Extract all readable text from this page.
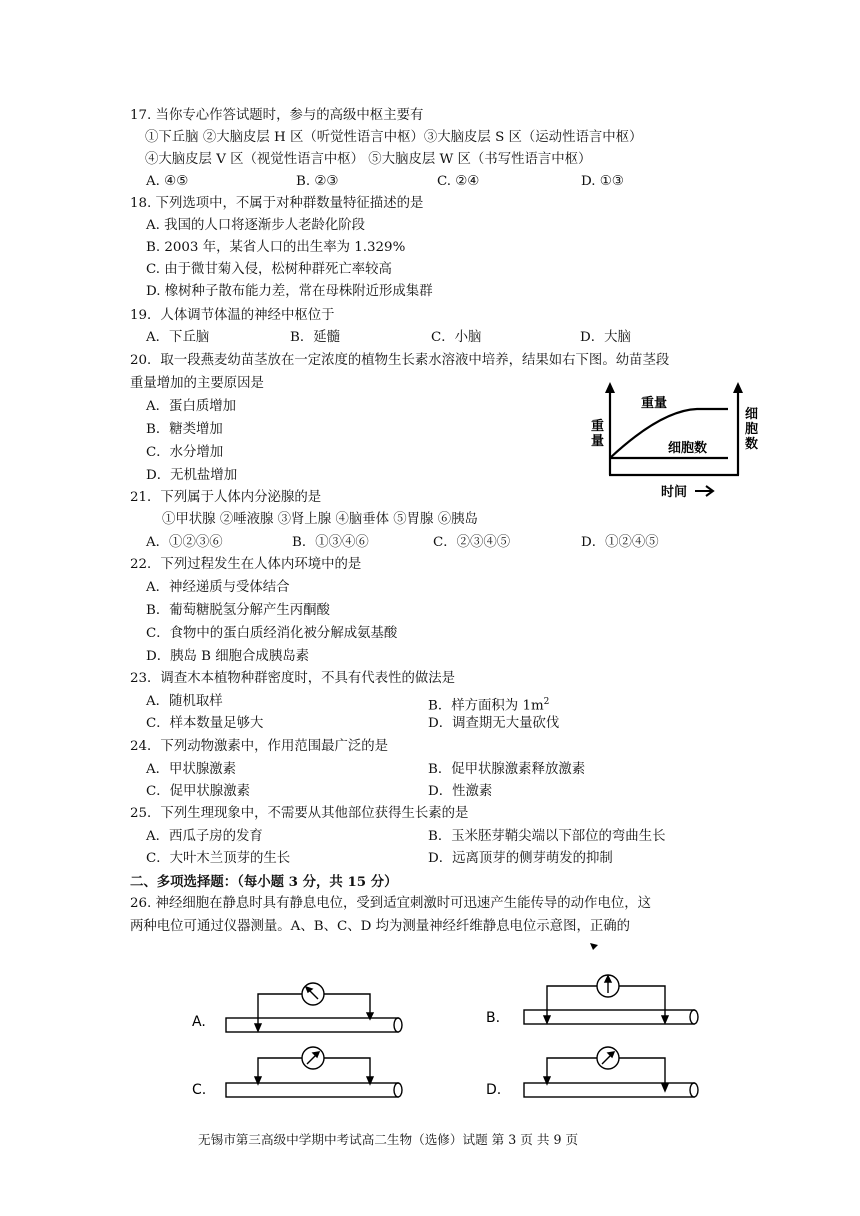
17. 当你专心作答试题时，参与的高级中枢主要有
①下丘脑 ②大脑皮层 H 区（听觉性语言中枢）③大脑皮层 S 区（运动性语言中枢）
④大脑皮层 V 区（视觉性语言中枢） ⑤大脑皮层 W 区（书写性语言中枢）
A. ④⑤	B. ②③	C. ②④	D. ①③
18. 下列选项中，不属于对种群数量特征描述的是
A. 我国的人口将逐渐步人老龄化阶段
B. 2003 年，某省人口的出生率为 1.329%
C. 由于微甘菊入侵，松树种群死亡率较高
D. 橡树种子散布能力差，常在母株附近形成集群
19．人体调节体温的神经中枢位于
A．下丘脑	B．延髓	C．小脑	D．大脑
20．取一段燕麦幼苗茎放在一定浓度的植物生长素水溶液中培养，结果如右下图。幼苗茎段
重量增加的主要原因是
A．蛋白质增加
B．糖类增加
C．水分增加
D．无机盐增加
重量
细胞数
重 量
细 胞 数
时间
21．下列属于人体内分泌腺的是
①甲状腺 ②唾液腺 ③肾上腺 ④脑垂体 ⑤胃腺 ⑥胰岛
A．①②③⑥	B．①③④⑥	C．②③④⑤	D．①②④⑤
22．下列过程发生在人体内环境中的是
A．神经递质与受体结合
B．葡萄糖脱氢分解产生丙酮酸
C．食物中的蛋白质经消化被分解成氨基酸
D．胰岛 B 细胞合成胰岛素
23．调查木本植物种群密度时，不具有代表性的做法是
A．随机取样	B．样方面积为 $1m^2$
C．样本数量足够大	D．调查期无大量砍伐
24．下列动物激素中，作用范围最广泛的是
A．甲状腺激素	B．促甲状腺激素释放激素
C．促甲状腺激素	D．性激素
25．下列生理现象中，不需要从其他部位获得生长素的是
A．西瓜子房的发育	B．玉米胚芽鞘尖端以下部位的弯曲生长
C．大叶木兰顶芽的生长	D．远离顶芽的侧芽萌发的抑制
二、多项选择题：（每小题 3 分，共 15 分）
26. 神经细胞在静息时具有静息电位，受到适宜刺激时可迅速产生能传导的动作电位，这
两种电位可通过仪器测量。A、B、C、D 均为测量神经纤维静息电位示意图，正确的
A.	B.
C.	D.
无锡市第三高级中学期中考试高二生物（选修）试题 第 3 页 共 9 页
